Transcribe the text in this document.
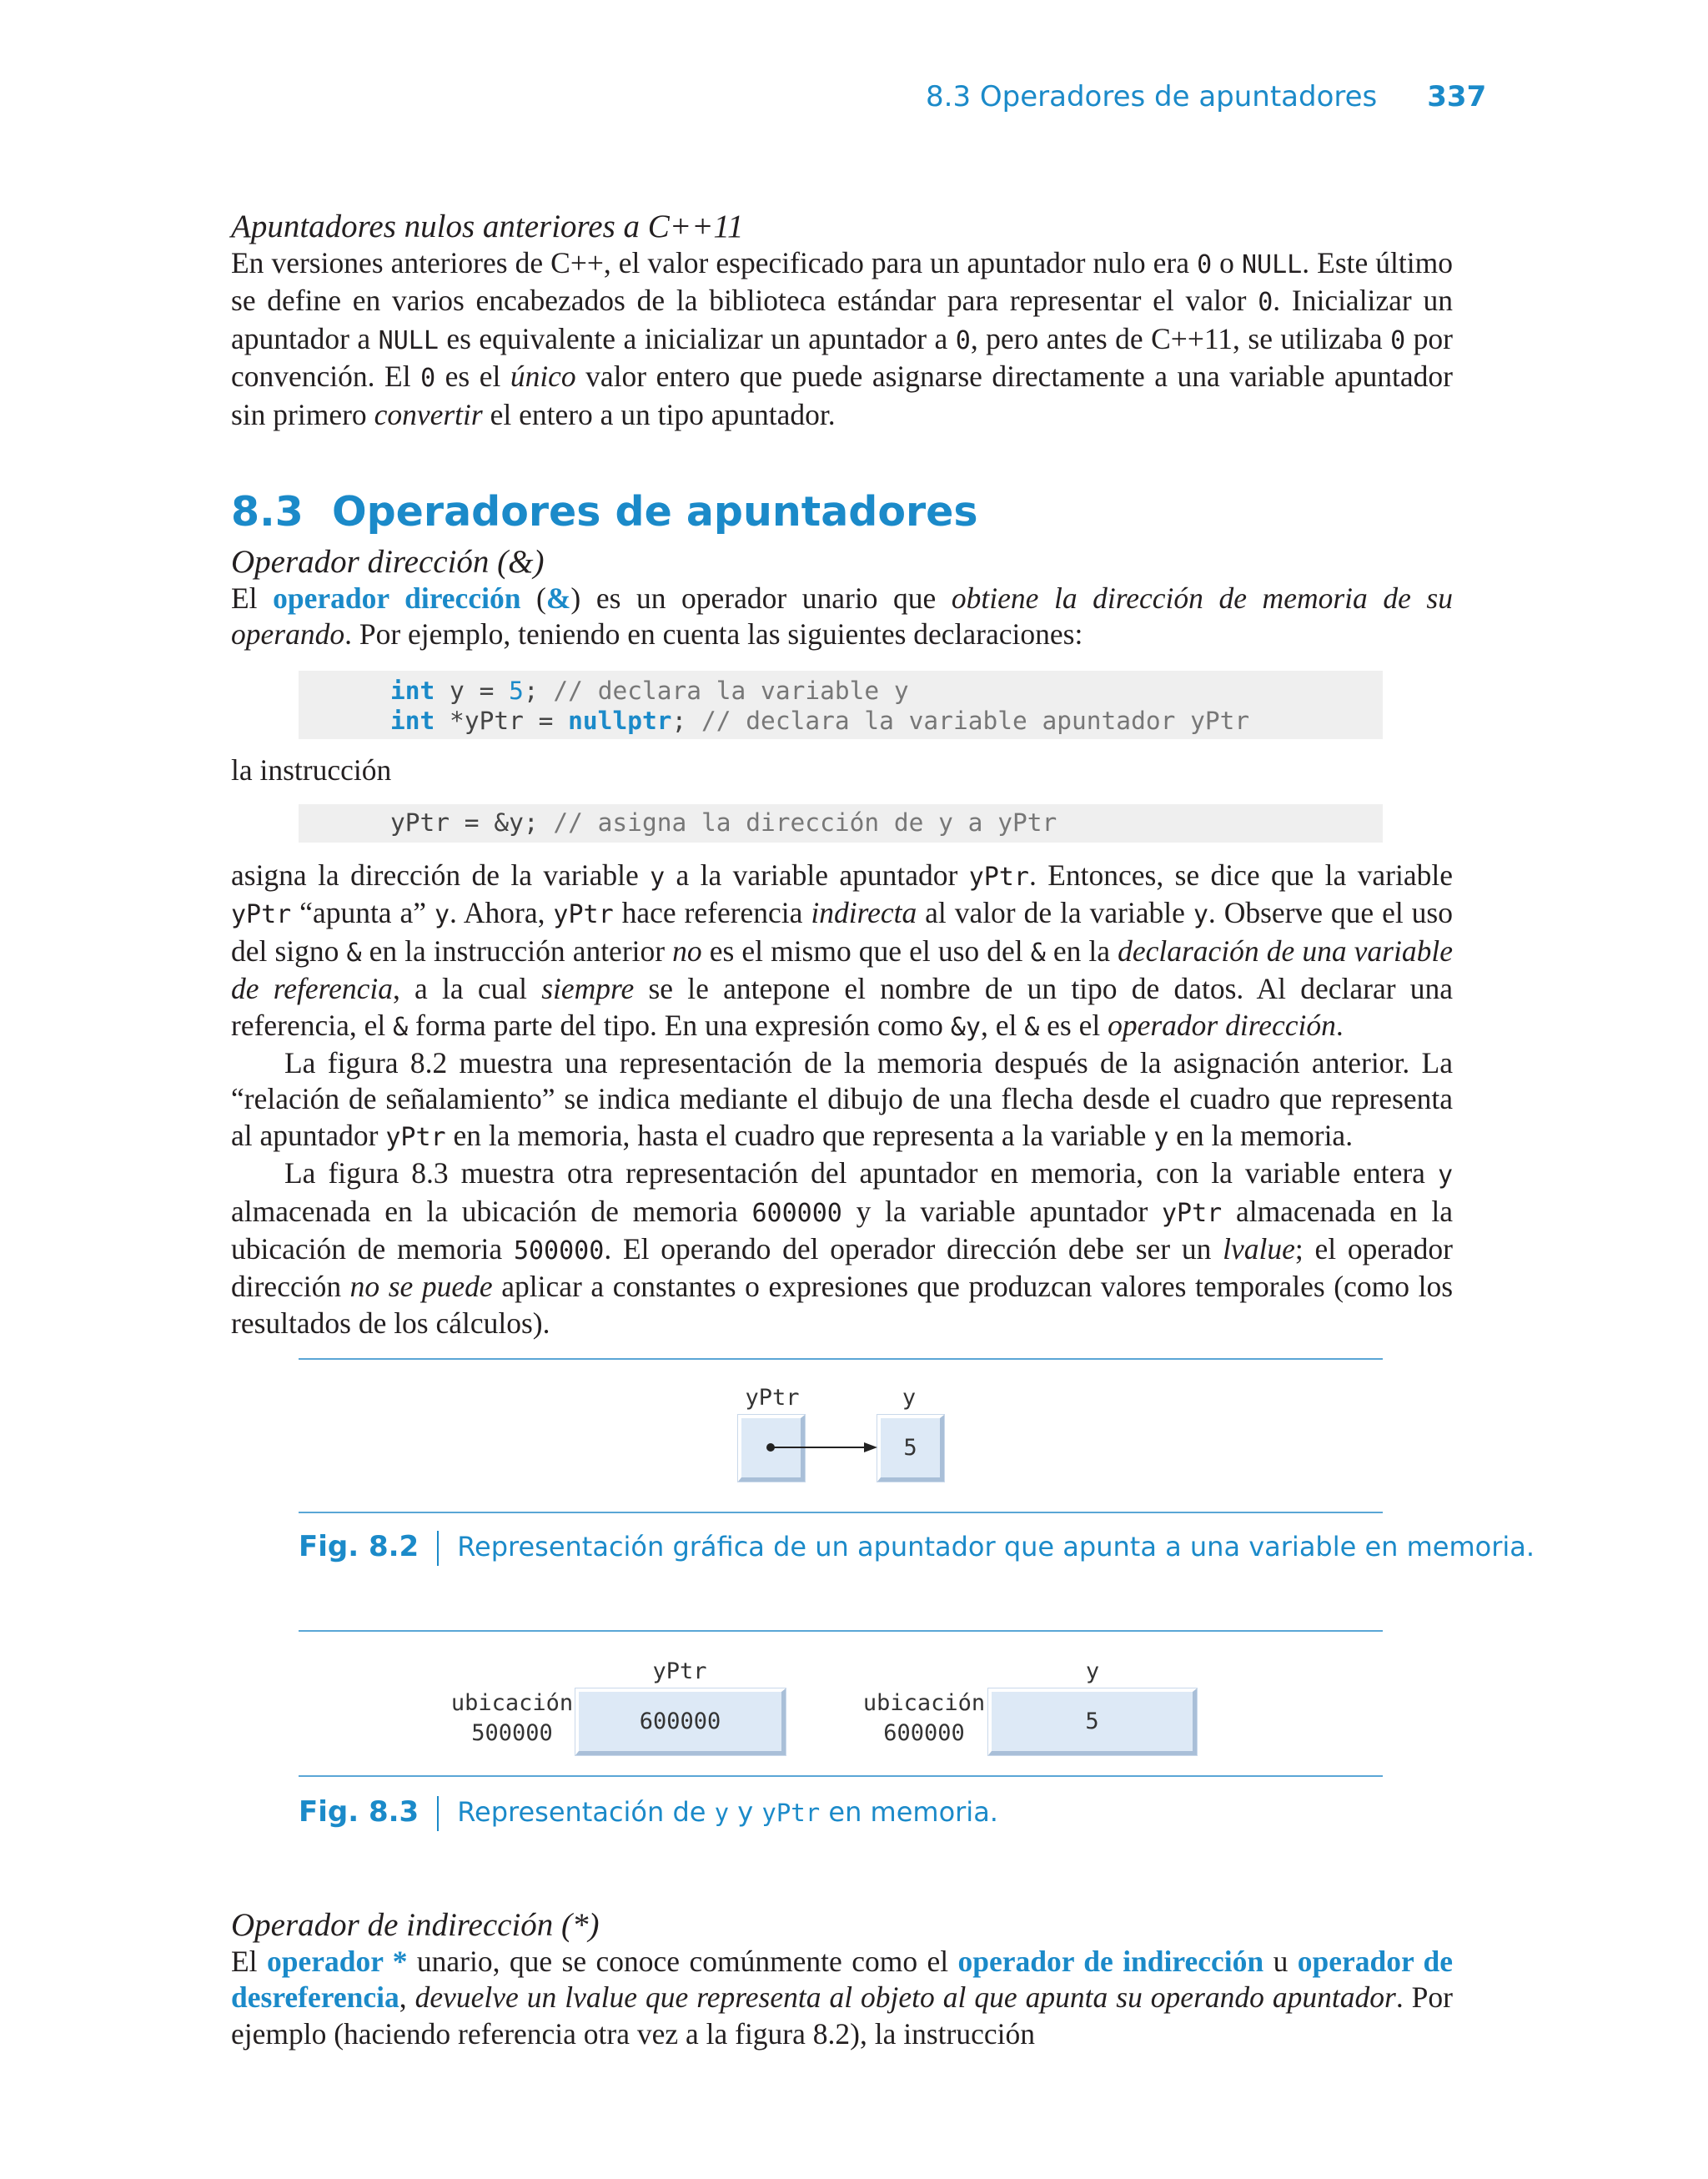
8.3 Operadores de apuntadores 337
Apuntadores nulos anteriores a C++11

En versiones anteriores de C++, el valor especificado para un apuntador nulo era 0 o NULL. Este último se define en varios encabezados de la biblioteca estándar para representar el valor 0. Inicializar un apuntador a NULL es equivalente a inicializar un apuntador a 0, pero antes de C++11, se utilizaba 0 por convención. El 0 es el único valor entero que puede asignarse directamente a una variable apuntador sin primero convertir el entero a un tipo apuntador.

8.3 Operadores de apuntadores
Operador dirección (&)

El operador dirección (&) es un operador unario que obtiene la dirección de memoria de su operando. Por ejemplo, teniendo en cuenta las siguientes declaraciones:

int y = 5; // declara la variable y
int *yPtr = nullptr; // declara la variable apuntador yPtr

la instrucción

yPtr = &y; // asigna la dirección de y a yPtr

asigna la dirección de la variable y a la variable apuntador yPtr. Entonces, se dice que la variable yPtr “apunta a” y. Ahora, yPtr hace referencia indirecta al valor de la variable y. Observe que el uso del signo & en la instrucción anterior no es el mismo que el uso del & en la declaración de una variable de referencia, a la cual siempre se le antepone el nombre de un tipo de datos. Al declarar una referencia, el & forma parte del tipo. En una expresión como &y, el & es el operador dirección.

La figura 8.2 muestra una representación de la memoria después de la asignación anterior. La “relación de señalamiento” se indica mediante el dibujo de una flecha desde el cuadro que representa al apuntador yPtr en la memoria, hasta el cuadro que representa a la variable y en la memoria.

La figura 8.3 muestra otra representación del apuntador en memoria, con la variable entera y almacenada en la ubicación de memoria 600000 y la variable apuntador yPtr almacenada en la ubicación de memoria 500000. El operando del operador dirección debe ser un lvalue; el operador dirección no se puede aplicar a constantes o expresiones que produzcan valores temporales (como los resultados de los cálculos).

yPtr	y
5
Fig. 8.2 Representación gráfica de un apuntador que apunta a una variable en memoria.
yPtr	y
ubicación
500000	600000
ubicación
600000	5
Fig. 8.3 Representación de y y yPtr en memoria.
Operador de indirección (*)

El operador * unario, que se conoce comúnmente como el operador de indirección u operador de desreferencia, devuelve un lvalue que representa al objeto al que apunta su operando apuntador. Por ejemplo (haciendo referencia otra vez a la figura 8.2), la instrucción
